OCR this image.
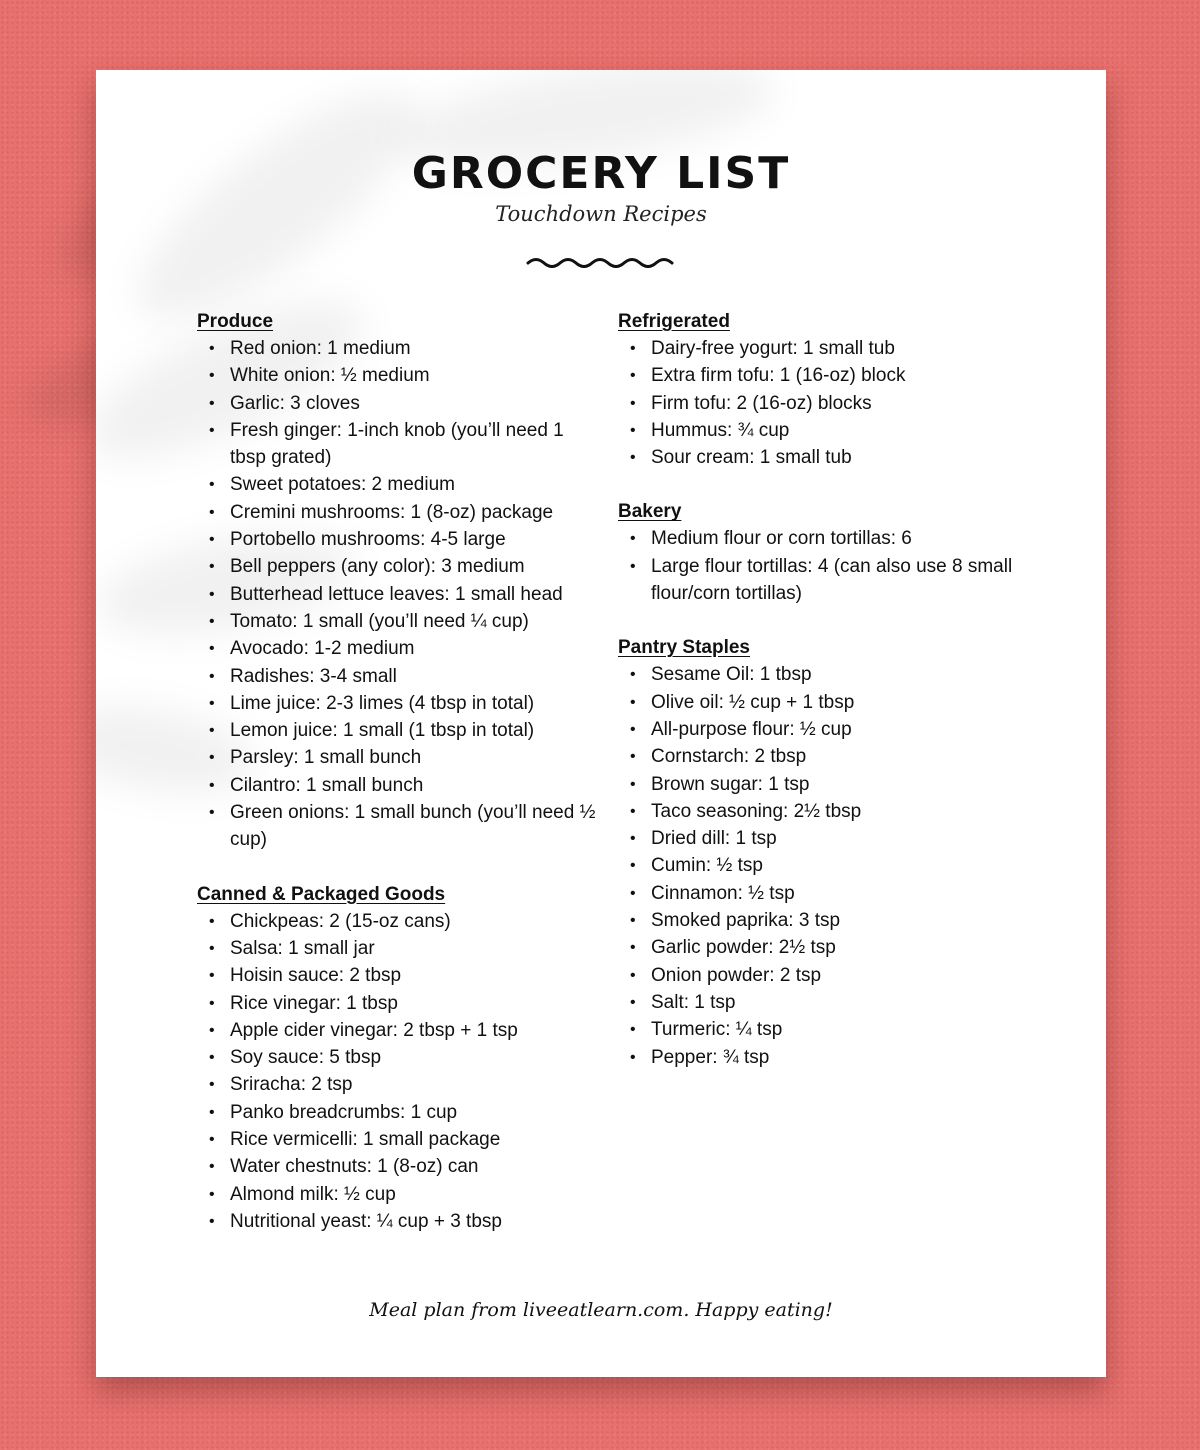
GROCERY LIST
Touchdown Recipes
Produce
• Red onion: 1 medium
• White onion: ½ medium
• Garlic: 3 cloves
• Fresh ginger: 1-inch knob (you’ll need 1 tbsp grated)
• Sweet potatoes: 2 medium
• Cremini mushrooms: 1 (8-oz) package
• Portobello mushrooms: 4-5 large
• Bell peppers (any color): 3 medium
• Butterhead lettuce leaves: 1 small head
• Tomato: 1 small (you’ll need ¼ cup)
• Avocado: 1-2 medium
• Radishes: 3-4 small
• Lime juice: 2-3 limes (4 tbsp in total)
• Lemon juice: 1 small (1 tbsp in total)
• Parsley: 1 small bunch
• Cilantro: 1 small bunch
• Green onions: 1 small bunch (you’ll need ½ cup)
Canned & Packaged Goods
• Chickpeas: 2 (15-oz cans)
• Salsa: 1 small jar
• Hoisin sauce: 2 tbsp
• Rice vinegar: 1 tbsp
• Apple cider vinegar: 2 tbsp + 1 tsp
• Soy sauce: 5 tbsp
• Sriracha: 2 tsp
• Panko breadcrumbs: 1 cup
• Rice vermicelli: 1 small package
• Water chestnuts: 1 (8-oz) can
• Almond milk: ½ cup
• Nutritional yeast: ¼ cup + 3 tbsp
Refrigerated
• Dairy-free yogurt: 1 small tub
• Extra firm tofu: 1 (16-oz) block
• Firm tofu: 2 (16-oz) blocks
• Hummus: ¾ cup
• Sour cream: 1 small tub
Bakery
• Medium flour or corn tortillas: 6
• Large flour tortillas: 4 (can also use 8 small flour/corn tortillas)
Pantry Staples
• Sesame Oil: 1 tbsp
• Olive oil: ½ cup + 1 tbsp
• All-purpose flour: ½ cup
• Cornstarch: 2 tbsp
• Brown sugar: 1 tsp
• Taco seasoning: 2½ tbsp
• Dried dill: 1 tsp
• Cumin: ½ tsp
• Cinnamon: ½ tsp
• Smoked paprika: 3 tsp
• Garlic powder: 2½ tsp
• Onion powder: 2 tsp
• Salt: 1 tsp
• Turmeric: ¼ tsp
• Pepper: ¾ tsp
Meal plan from liveeatlearn.com. Happy eating!
